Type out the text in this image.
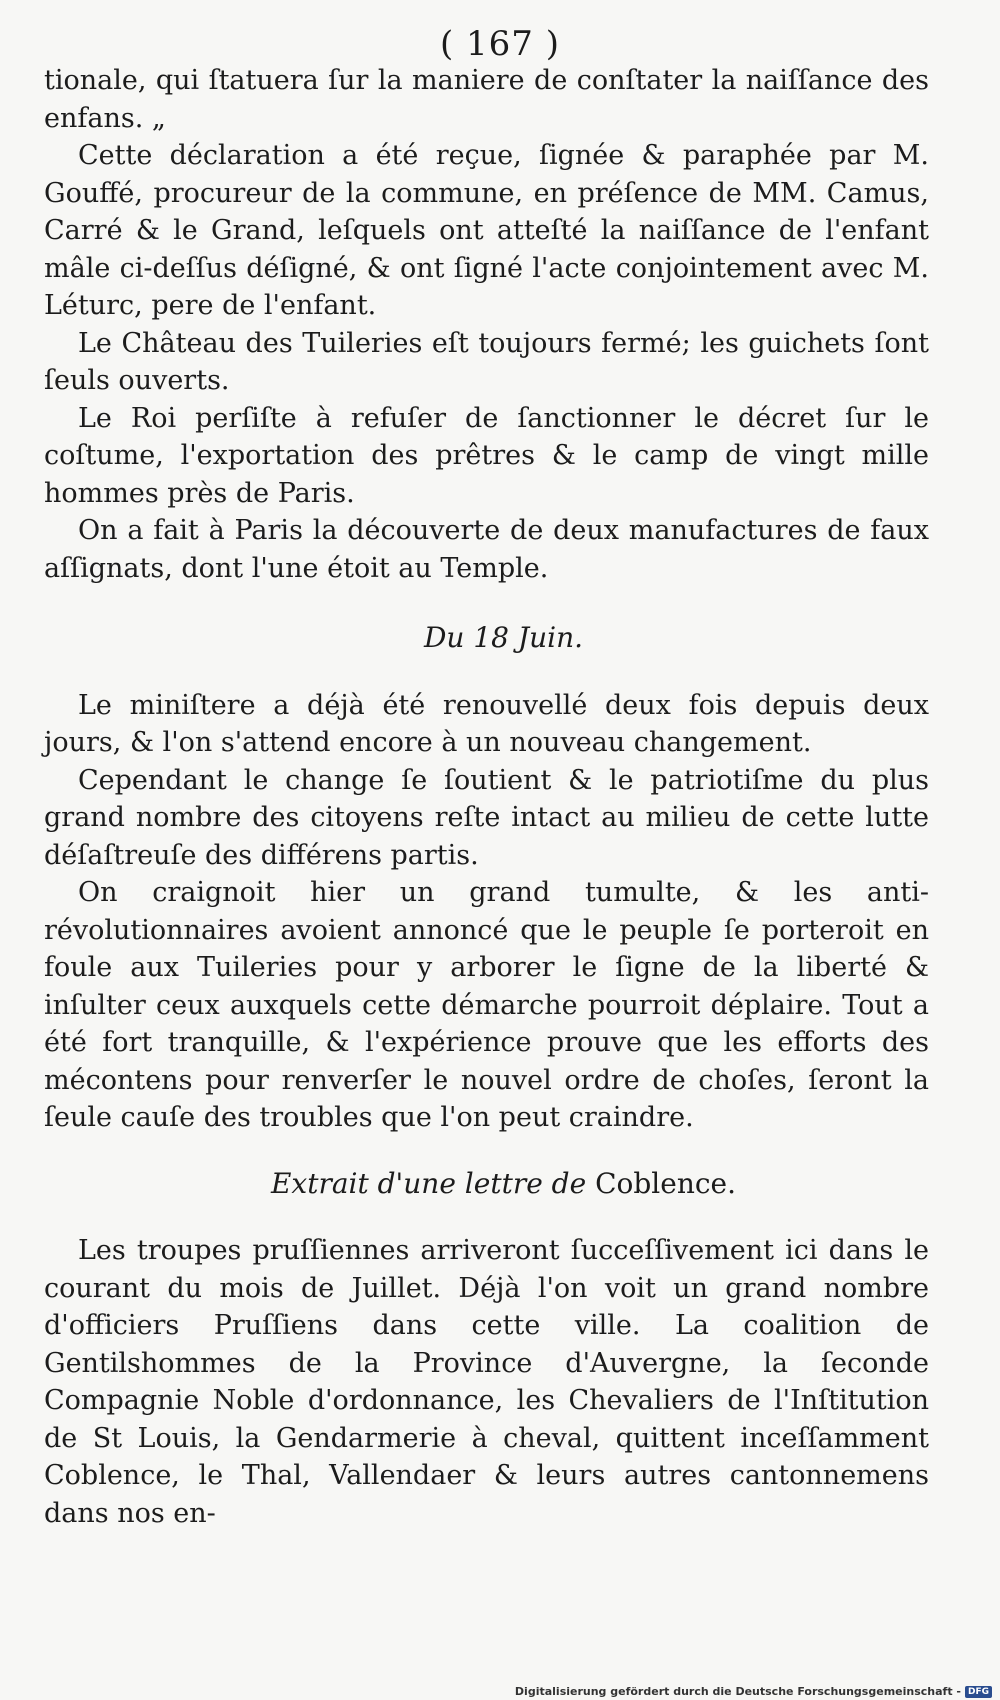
( 167 )

tionale, qui ſtatuera ſur la maniere de conſtater la naiſſance des enfans. „

Cette déclaration a été reçue, ſignée & paraphée par M. Gouffé, procureur de la commune, en préſence de MM. Camus, Carré & le Grand, leſquels ont atteſté la naiſſance de l'enfant mâle ci-deſſus déſigné, & ont ſigné l'acte conjointement avec M. Léturc, pere de l'enfant.

Le Château des Tuileries eſt toujours fermé; les guichets ſont ſeuls ouverts.

Le Roi perſiſte à refuſer de ſanctionner le décret ſur le coſtume, l'exportation des prêtres & le camp de vingt mille hommes près de Paris.

On a fait à Paris la découverte de deux manufactures de faux aſſignats, dont l'une étoit au Temple.

Du 18 Juin.

Le miniſtere a déjà été renouvellé deux fois depuis deux jours, & l'on s'attend encore à un nouveau changement.

Cependant le change ſe ſoutient & le patriotiſme du plus grand nombre des citoyens reſte intact au milieu de cette lutte déſaſtreuſe des différens partis.

On craignoit hier un grand tumulte, & les anti-révolutionnaires avoient annoncé que le peuple ſe porteroit en foule aux Tuileries pour y arborer le ſigne de la liberté & inſulter ceux auxquels cette démarche pourroit déplaire. Tout a été fort tranquille, & l'expérience prouve que les efforts des mécontens pour renverſer le nouvel ordre de choſes, ſeront la ſeule cauſe des troubles que l'on peut craindre.

Extrait d'une lettre de Coblence.

Les troupes pruſſiennes arriveront ſucceſſivement ici dans le courant du mois de Juillet. Déjà l'on voit un grand nombre d'officiers Pruſſiens dans cette ville. La coalition de Gentilshommes de la Province d'Auvergne, la ſeconde Compagnie Noble d'ordonnance, les Chevaliers de l'Inſtitution de St Louis, la Gendarmerie à cheval, quittent inceſſamment Coblence, le Thal, Vallendaer & leurs autres cantonnemens dans nos en-

Digitalisierung gefördert durch die Deutsche Forschungsgemeinschaft - DFG
